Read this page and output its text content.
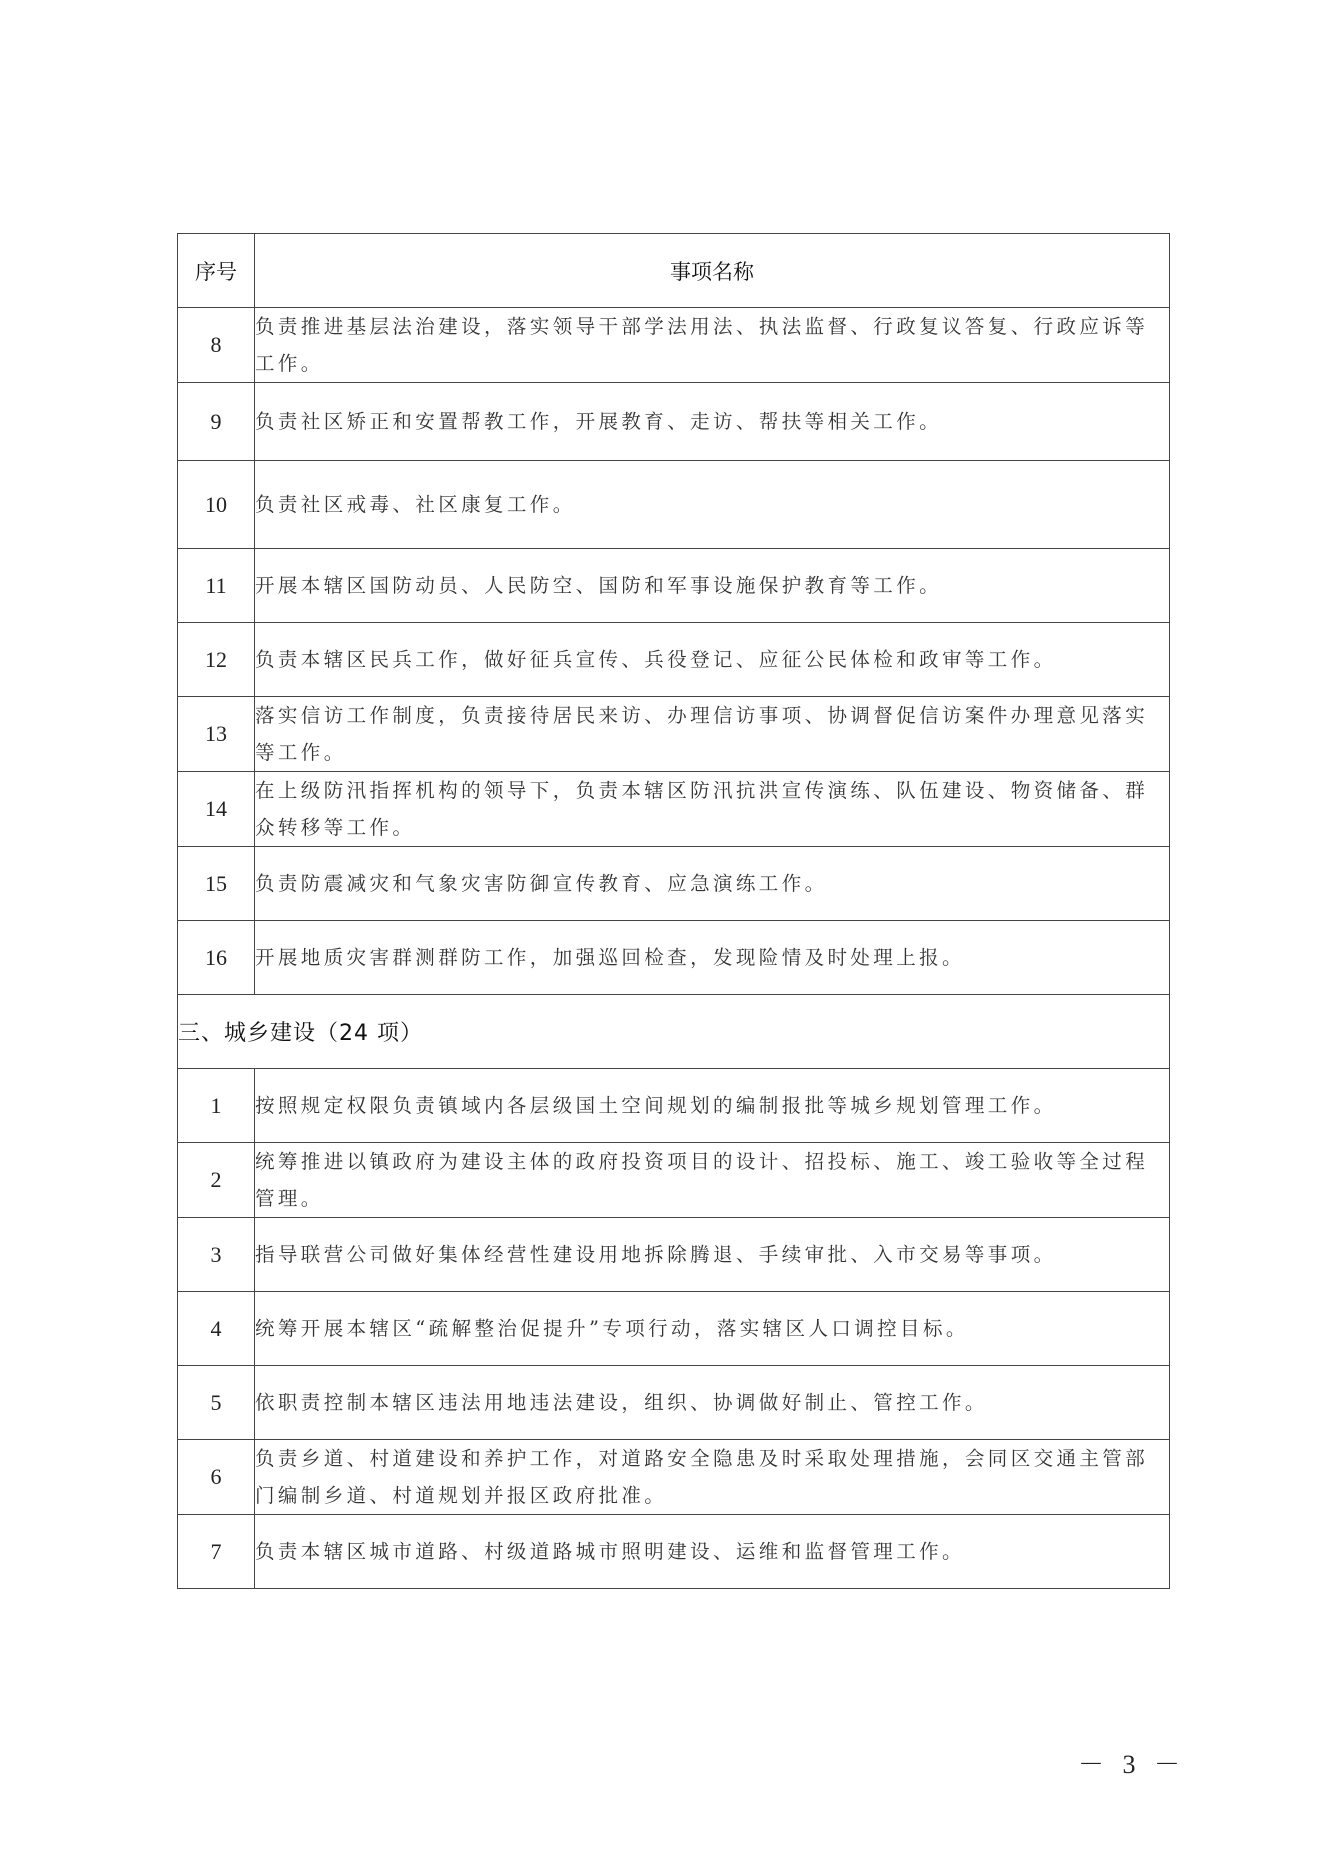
序号	事项名称
8	负责推进基层法治建设，落实领导干部学法用法、执法监督、行政复议答复、行政应诉等工作。
9	负责社区矫正和安置帮教工作，开展教育、走访、帮扶等相关工作。
10	负责社区戒毒、社区康复工作。
11	开展本辖区国防动员、人民防空、国防和军事设施保护教育等工作。
12	负责本辖区民兵工作，做好征兵宣传、兵役登记、应征公民体检和政审等工作。
13	落实信访工作制度，负责接待居民来访、办理信访事项、协调督促信访案件办理意见落实等工作。
14	在上级防汛指挥机构的领导下，负责本辖区防汛抗洪宣传演练、队伍建设、物资储备、群众转移等工作。
15	负责防震减灾和气象灾害防御宣传教育、应急演练工作。
16	开展地质灾害群测群防工作，加强巡回检查，发现险情及时处理上报。
三、城乡建设（24 项）	
1	按照规定权限负责镇域内各层级国土空间规划的编制报批等城乡规划管理工作。
2	统筹推进以镇政府为建设主体的政府投资项目的设计、招投标、施工、竣工验收等全过程管理。
3	指导联营公司做好集体经营性建设用地拆除腾退、手续审批、入市交易等事项。
4	统筹开展本辖区“疏解整治促提升”专项行动，落实辖区人口调控目标。
5	依职责控制本辖区违法用地违法建设，组织、协调做好制止、管控工作。
6	负责乡道、村道建设和养护工作，对道路安全隐患及时采取处理措施，会同区交通主管部门编制乡道、村道规划并报区政府批准。
7	负责本辖区城市道路、村级道路城市照明建设、运维和监督管理工作。
－ 3 －
